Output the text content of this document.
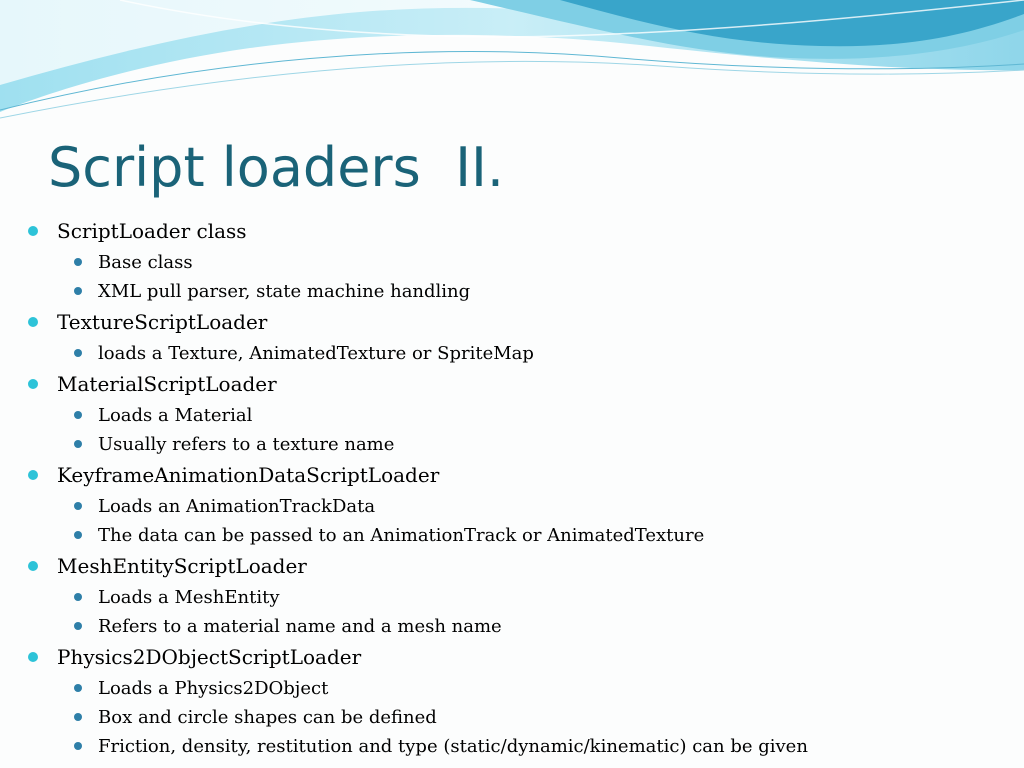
Script loaders  II.
ScriptLoader class
Base class
XML pull parser, state machine handling
TextureScriptLoader
loads a Texture, AnimatedTexture or SpriteMap
MaterialScriptLoader
Loads a Material
Usually refers to a texture name
KeyframeAnimationDataScriptLoader
Loads an AnimationTrackData
The data can be passed to an AnimationTrack or AnimatedTexture
MeshEntityScriptLoader
Loads a MeshEntity
Refers to a material name and a mesh name
Physics2DObjectScriptLoader
Loads a Physics2DObject
Box and circle shapes can be defined
Friction, density, restitution and type (static/dynamic/kinematic) can be given
